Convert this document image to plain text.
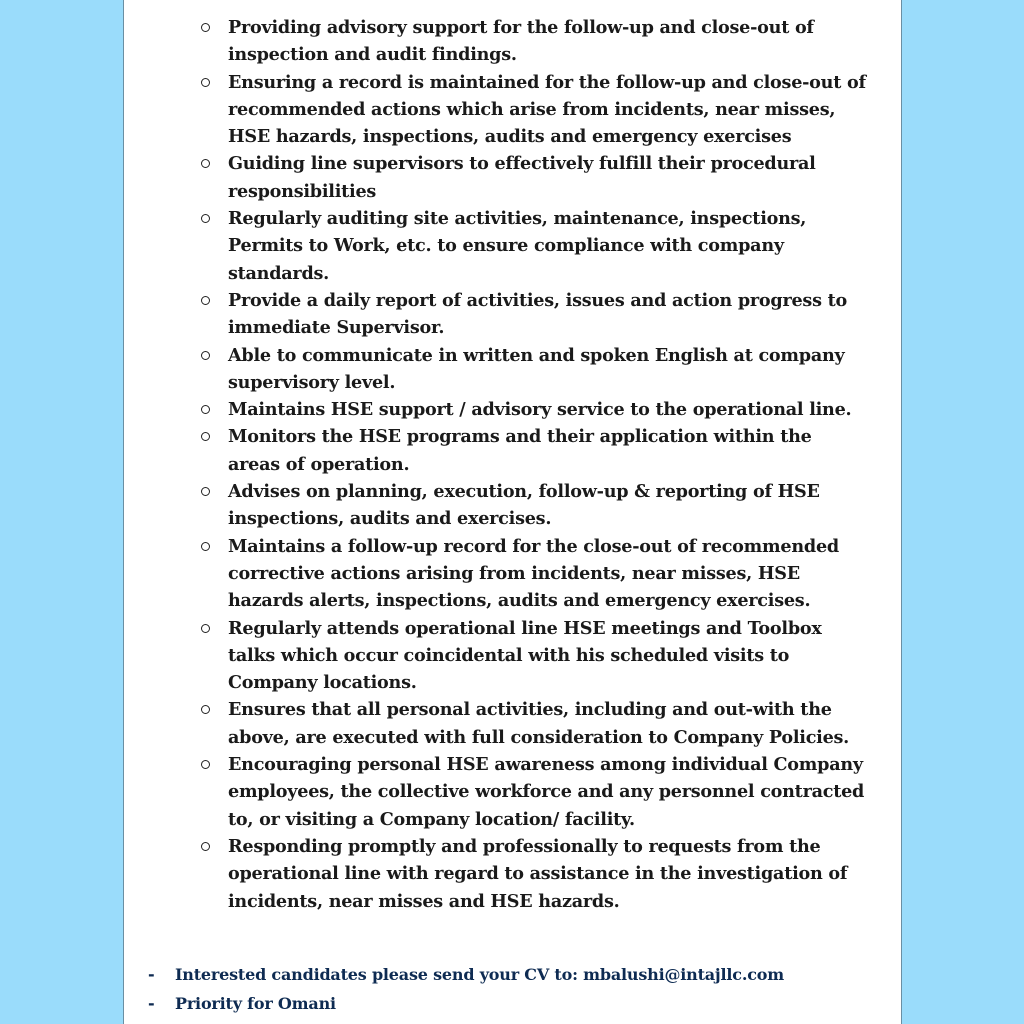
Providing advisory support for the follow-up and close-out of inspection and audit findings.
Ensuring a record is maintained for the follow-up and close-out of recommended actions which arise from incidents, near misses, HSE hazards, inspections, audits and emergency exercises
Guiding line supervisors to effectively fulfill their procedural responsibilities
Regularly auditing site activities, maintenance, inspections, Permits to Work, etc. to ensure compliance with company standards.
Provide a daily report of activities, issues and action progress to immediate Supervisor.
Able to communicate in written and spoken English at company supervisory level.
Maintains HSE support / advisory service to the operational line.
Monitors the HSE programs and their application within the areas of operation.
Advises on planning, execution, follow-up & reporting of HSE inspections, audits and exercises.
Maintains a follow-up record for the close-out of recommended corrective actions arising from incidents, near misses, HSE hazards alerts, inspections, audits and emergency exercises.
Regularly attends operational line HSE meetings and Toolbox talks which occur coincidental with his scheduled visits to Company locations.
Ensures that all personal activities, including and out-with the above, are executed with full consideration to Company Policies.
Encouraging personal HSE awareness among individual Company employees, the collective workforce and any personnel contracted to, or visiting a Company location/ facility.
Responding promptly and professionally to requests from the operational line with regard to assistance in the investigation of incidents, near misses and HSE hazards.
- Interested candidates please send your CV to: mbalushi@intajllc.com
- Priority for Omani
